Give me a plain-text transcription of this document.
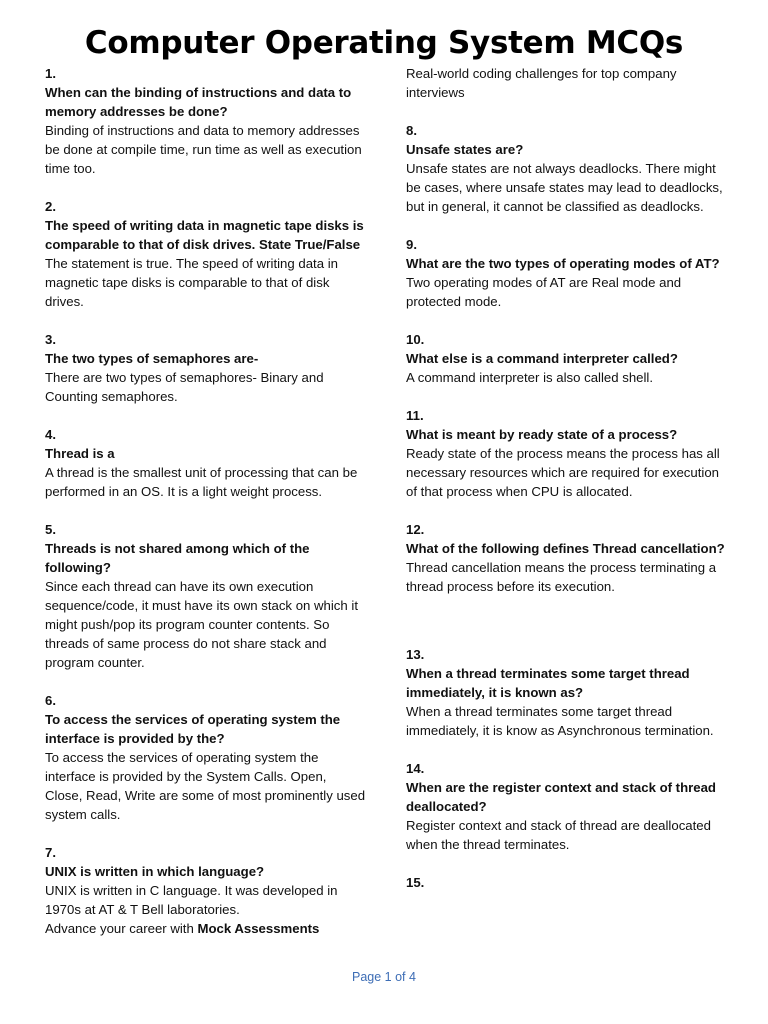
Computer Operating System MCQs
1.
When can the binding of instructions and data to memory addresses be done?
Binding of instructions and data to memory addresses be done at compile time, run time as well as execution time too.
2.
The speed of writing data in magnetic tape disks is comparable to that of disk drives. State True/False
The statement is true. The speed of writing data in magnetic tape disks is comparable to that of disk drives.
3.
The two types of semaphores are-
There are two types of semaphores- Binary and Counting semaphores.
4.
Thread is a
A thread is the smallest unit of processing that can be performed in an OS. It is a light weight process.
5.
Threads is not shared among which of the following?
Since each thread can have its own execution sequence/code, it must have its own stack on which it might push/pop its program counter contents. So threads of same process do not share stack and program counter.
6.
To access the services of operating system the interface is provided by the?
To access the services of operating system the interface is provided by the System Calls. Open, Close, Read, Write are some of most prominently used system calls.
7.
UNIX is written in which language?
UNIX is written in C language. It was developed in 1970s at AT & T Bell laboratories.
Advance your career with Mock Assessments
Real-world coding challenges for top company interviews
8.
Unsafe states are?
Unsafe states are not always deadlocks. There might be cases, where unsafe states may lead to deadlocks, but in general, it cannot be classified as deadlocks.
9.
What are the two types of operating modes of AT?
Two operating modes of AT are Real mode and protected mode.
10.
What else is a command interpreter called?
A command interpreter is also called shell.
11.
What is meant by ready state of a process?
Ready state of the process means the process has all necessary resources which are required for execution of that process when CPU is allocated.
12.
What of the following defines Thread cancellation?
Thread cancellation means the process terminating a thread process before its execution.
13.
When a thread terminates some target thread immediately, it is known as?
When a thread terminates some target thread immediately, it is know as Asynchronous termination.
14.
When are the register context and stack of thread deallocated?
Register context and stack of thread are deallocated when the thread terminates.
15.
Page 1 of 4
